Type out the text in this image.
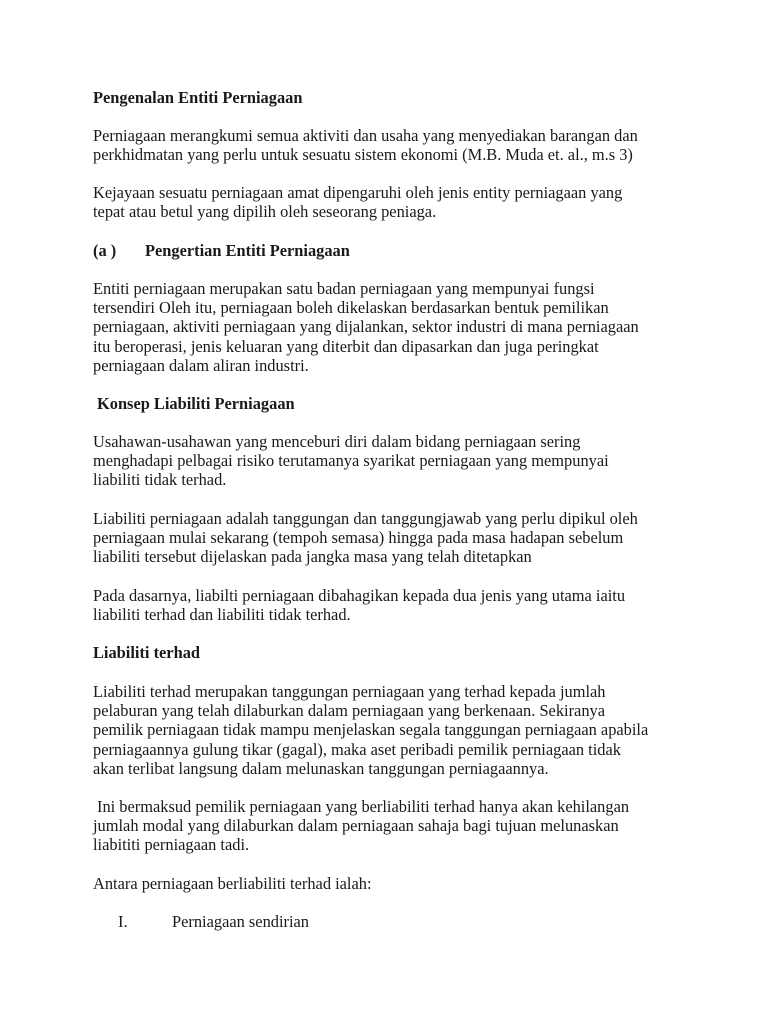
Pengenalan Entiti Perniagaan

Perniagaan merangkumi semua aktiviti dan usaha yang menyediakan barangan dan
perkhidmatan yang perlu untuk sesuatu sistem ekonomi (M.B. Muda et. al., m.s 3)

Kejayaan sesuatu perniagaan amat dipengaruhi oleh jenis entity perniagaan yang
tepat atau betul yang dipilih oleh seseorang peniaga.

(a ) Pengertian Entiti Perniagaan

Entiti perniagaan merupakan satu badan perniagaan yang mempunyai fungsi
tersendiri Oleh itu, perniagaan boleh dikelaskan berdasarkan bentuk pemilikan
perniagaan, aktiviti perniagaan yang dijalankan, sektor industri di mana perniagaan
itu beroperasi, jenis keluaran yang diterbit dan dipasarkan dan juga peringkat
perniagaan dalam aliran industri.

Konsep Liabiliti Perniagaan

Usahawan-usahawan yang menceburi diri dalam bidang perniagaan sering
menghadapi pelbagai risiko terutamanya syarikat perniagaan yang mempunyai
liabiliti tidak terhad.

Liabiliti perniagaan adalah tanggungan dan tanggungjawab yang perlu dipikul oleh
perniagaan mulai sekarang (tempoh semasa) hingga pada masa hadapan sebelum
liabiliti tersebut dijelaskan pada jangka masa yang telah ditetapkan

Pada dasarnya, liabilti perniagaan dibahagikan kepada dua jenis yang utama iaitu
liabiliti terhad dan liabiliti tidak terhad.

Liabiliti terhad

Liabiliti terhad merupakan tanggungan perniagaan yang terhad kepada jumlah
pelaburan yang telah dilaburkan dalam perniagaan yang berkenaan. Sekiranya
pemilik perniagaan tidak mampu menjelaskan segala tanggungan perniagaan apabila
perniagaannya gulung tikar (gagal), maka aset peribadi pemilik perniagaan tidak
akan terlibat langsung dalam melunaskan tanggungan perniagaannya.

Ini bermaksud pemilik perniagaan yang berliabiliti terhad hanya akan kehilangan

jumlah modal yang dilaburkan dalam perniagaan sahaja bagi tujuan melunaskan
liabititi perniagaan tadi.

Antara perniagaan berliabiliti terhad ialah:

I.	Perniagaan sendirian
